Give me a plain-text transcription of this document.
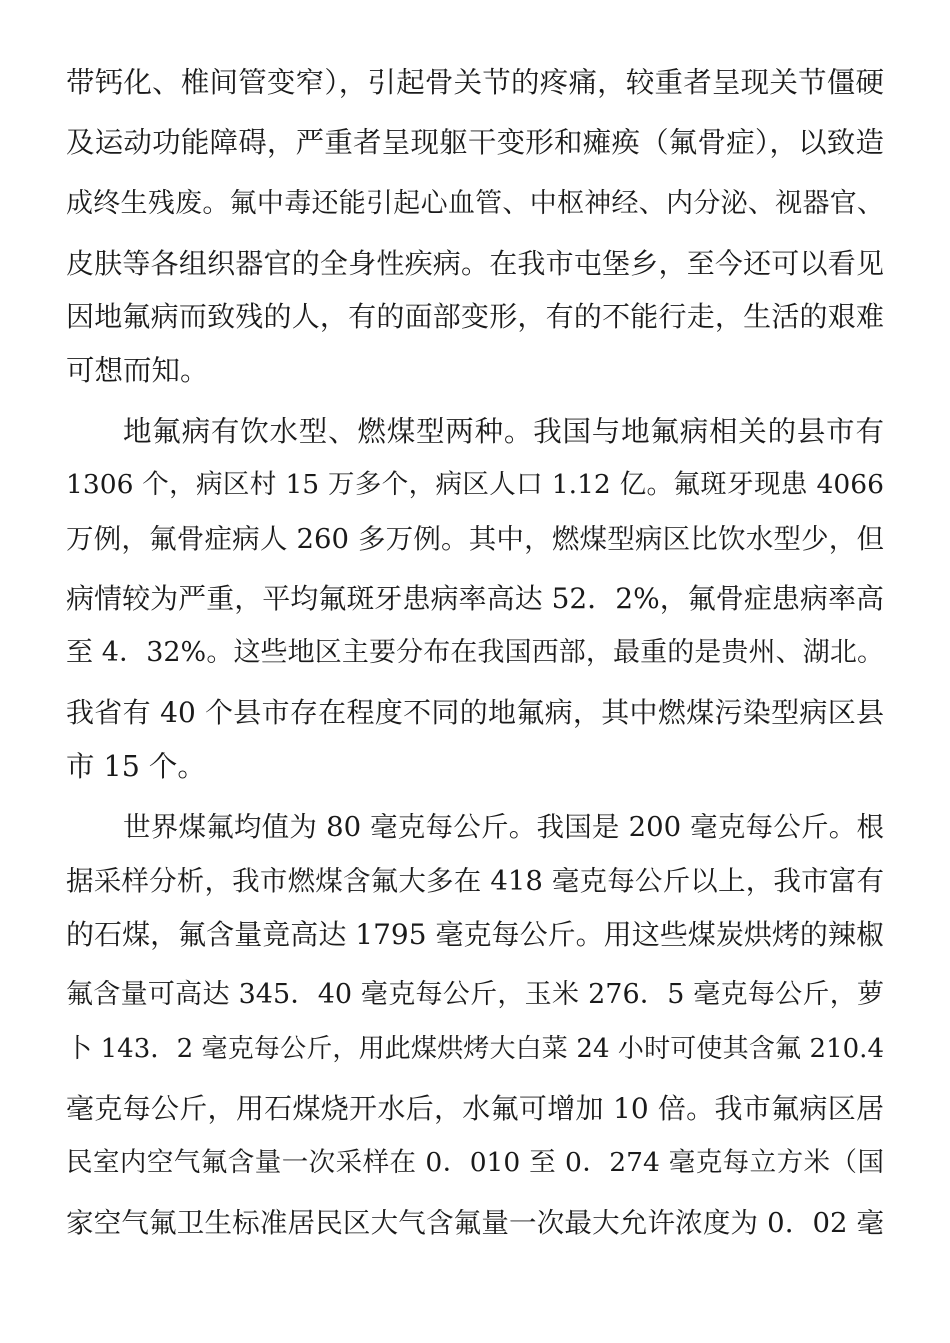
带钙化、椎间管变窄），引起骨关节的疼痛，较重者呈现关节僵硬
及运动功能障碍，严重者呈现躯干变形和瘫痪（氟骨症），以致造
成终生残废。氟中毒还能引起心血管、中枢神经、内分泌、视器官、
皮肤等各组织器官的全身性疾病。在我市屯堡乡，至今还可以看见
因地氟病而致残的人，有的面部变形，有的不能行走，生活的艰难
可想而知。
地氟病有饮水型、燃煤型两种。我国与地氟病相关的县市有
1306 个，病区村 15 万多个，病区人口 1.12 亿。氟斑牙现患 4066
万例，氟骨症病人 260 多万例。其中，燃煤型病区比饮水型少，但
病情较为严重，平均氟斑牙患病率高达 52．2%，氟骨症患病率高
至 4．32%。这些地区主要分布在我国西部，最重的是贵州、湖北。
我省有 40 个县市存在程度不同的地氟病，其中燃煤污染型病区县
市 15 个。
世界煤氟均值为 80 毫克每公斤。我国是 200 毫克每公斤。根
据采样分析，我市燃煤含氟大多在 418 毫克每公斤以上，我市富有
的石煤，氟含量竟高达 1795 毫克每公斤。用这些煤炭烘烤的辣椒
氟含量可高达 345．40 毫克每公斤，玉米 276．5 毫克每公斤，萝
卜 143．2 毫克每公斤，用此煤烘烤大白菜 24 小时可使其含氟 210.4
毫克每公斤，用石煤烧开水后，水氟可增加 10 倍。我市氟病区居
民室内空气氟含量一次采样在 0．010 至 0．274 毫克每立方米（国
家空气氟卫生标准居民区大气含氟量一次最大允许浓度为 0．02 毫
